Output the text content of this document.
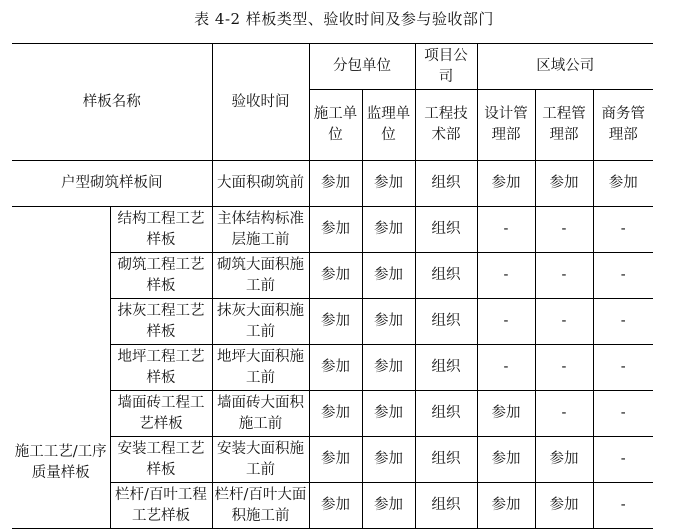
表 4-2 样板类型、验收时间及参与验收部门
样板名称		验收时间	分包单位		项目公司	区域公司		
			施工单位	监理单位	工程技术部	设计管理部	工程管理部	商务管理部
户型砌筑样板间		大面积砌筑前	参加	参加	组织	参加	参加	参加
施工工艺/工序质量样板	结构工程工艺样板	主体结构标准层施工前	参加	参加	组织	-	-	-
	砌筑工程工艺样板	砌筑大面积施工前	参加	参加	组织	-	-	-
	抹灰工程工艺样板	抹灰大面积施工前	参加	参加	组织	-	-	-
	地坪工程工艺样板	地坪大面积施工前	参加	参加	组织	-	-	-
	墙面砖工程工艺样板	墙面砖大面积施工前	参加	参加	组织	参加	-	-
	安装工程工艺样板	安装大面积施工前	参加	参加	组织	参加	参加	-
	栏杆/百叶工程工艺样板	栏杆/百叶大面积施工前	参加	参加	组织	参加	参加	-
